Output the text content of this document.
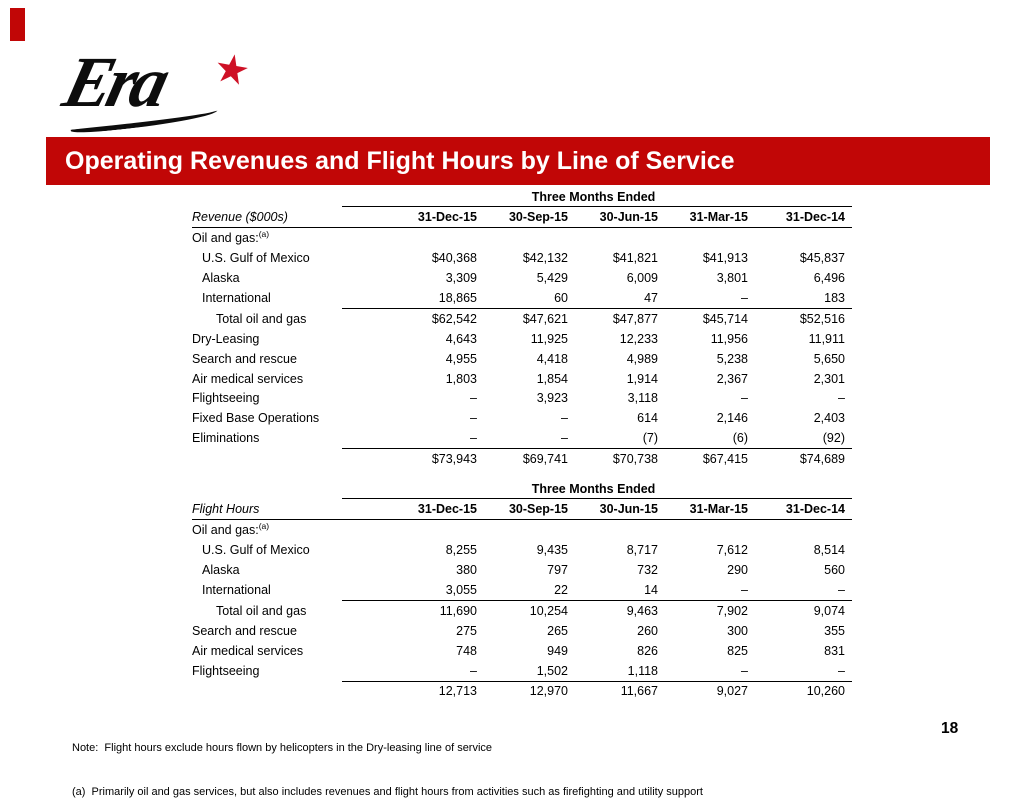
Era ★
Operating Revenues and Flight Hours by Line of Service
	Three Months Ended				
Revenue ($000s)	31-Dec-15	30-Sep-15	30-Jun-15	31-Mar-15	31-Dec-14
Oil and gas:$^{(a)}$					
U.S. Gulf of Mexico	$40,368	$42,132	$41,821	$41,913	$45,837
Alaska	3,309	5,429	6,009	3,801	6,496
International	18,865	60	47	–	183
Total oil and gas	$62,542	$47,621	$47,877	$45,714	$52,516
Dry-Leasing	4,643	11,925	12,233	11,956	11,911
Search and rescue	4,955	4,418	4,989	5,238	5,650
Air medical services	1,803	1,854	1,914	2,367	2,301
Flightseeing	–	3,923	3,118	–	–
Fixed Base Operations	–	–	614	2,146	2,403
Eliminations	–	–	(7)	(6)	(92)
	$73,943	$69,741	$70,738	$67,415	$74,689
	Three Months Ended				
Flight Hours	31-Dec-15	30-Sep-15	30-Jun-15	31-Mar-15	31-Dec-14
Oil and gas:$^{(a)}$					
U.S. Gulf of Mexico	8,255	9,435	8,717	7,612	8,514
Alaska	380	797	732	290	560
International	3,055	22	14	–	–
Total oil and gas	11,690	10,254	9,463	7,902	9,074
Search and rescue	275	265	260	300	355
Air medical services	748	949	826	825	831
Flightseeing	–	1,502	1,118	–	–
	12,713	12,970	11,667	9,027	10,260

Note:  Flight hours exclude hours flown by helicopters in the Dry-leasing line of service

(a)  Primarily oil and gas services, but also includes revenues and flight hours from activities such as firefighting and utility support

18
